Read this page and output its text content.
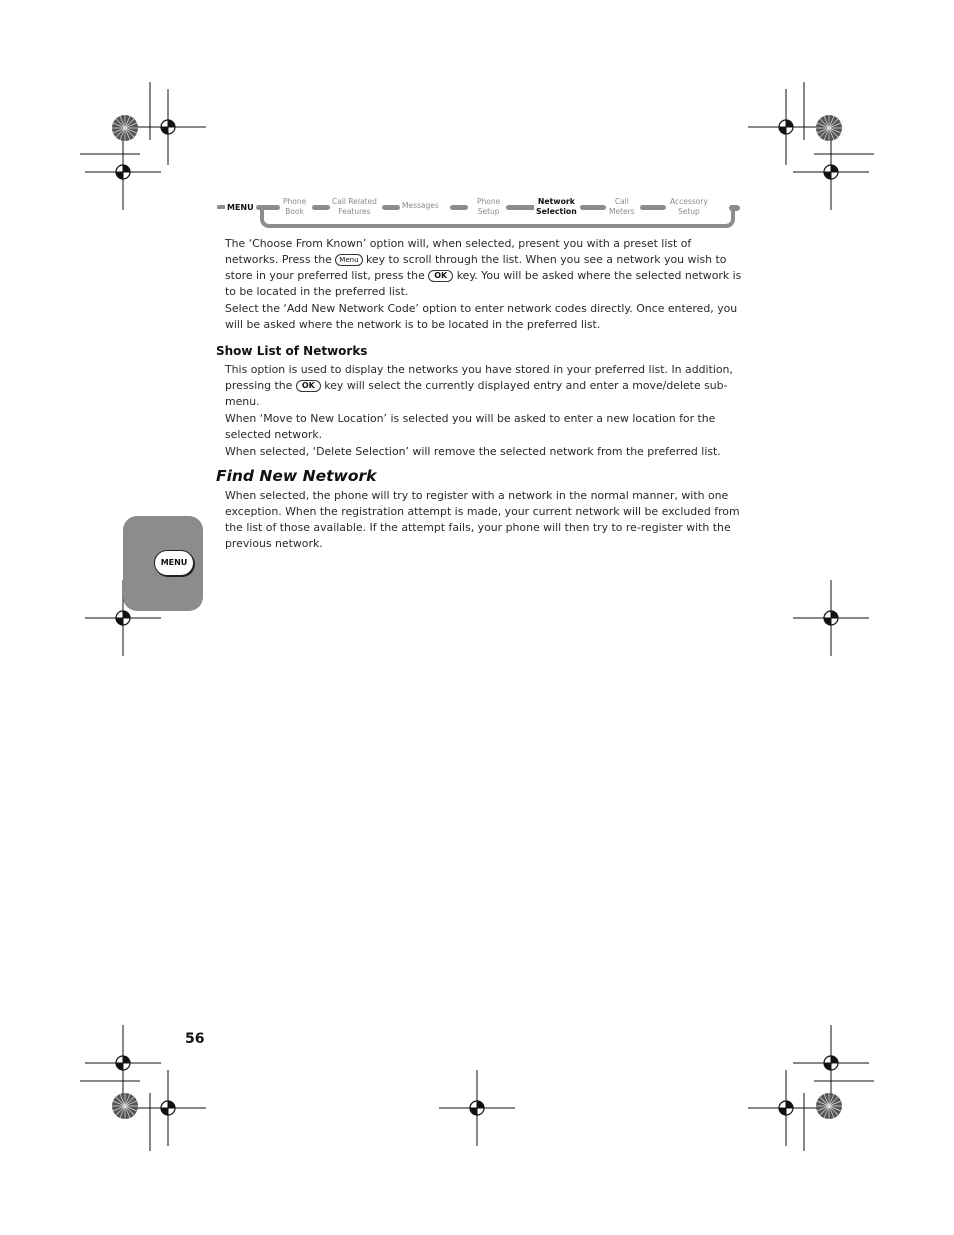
MENU
Phone
Book
Call Related
Features
Messages	Phone
Setup
Network
Selection
Call
Meters
Accessory
Setup

The ‘Choose From Known’ option will, when selected, present you with a preset list of networks. Press the Menu key to scroll through the list. When you see a network you wish to store in your preferred list, press the OK key. You will be asked where the selected network is to be located in the preferred list.

Select the ‘Add New Network Code’ option to enter network codes directly. Once entered, you will be asked where the network is to be located in the preferred list.

Show List of Networks

This option is used to display the networks you have stored in your preferred list. In addition, pressing the OK key will select the currently displayed entry and enter a move/delete sub-menu.

When ‘Move to New Location’ is selected you will be asked to enter a new location for the selected network.

When selected, ‘Delete Selection’ will remove the selected network from the preferred list.

Find New Network

When selected, the phone will try to register with a network in the normal manner, with one exception. When the registration attempt is made, your current network will be excluded from the list of those available. If the attempt fails, your phone will then try to re-register with the previous network.

MENU
56
